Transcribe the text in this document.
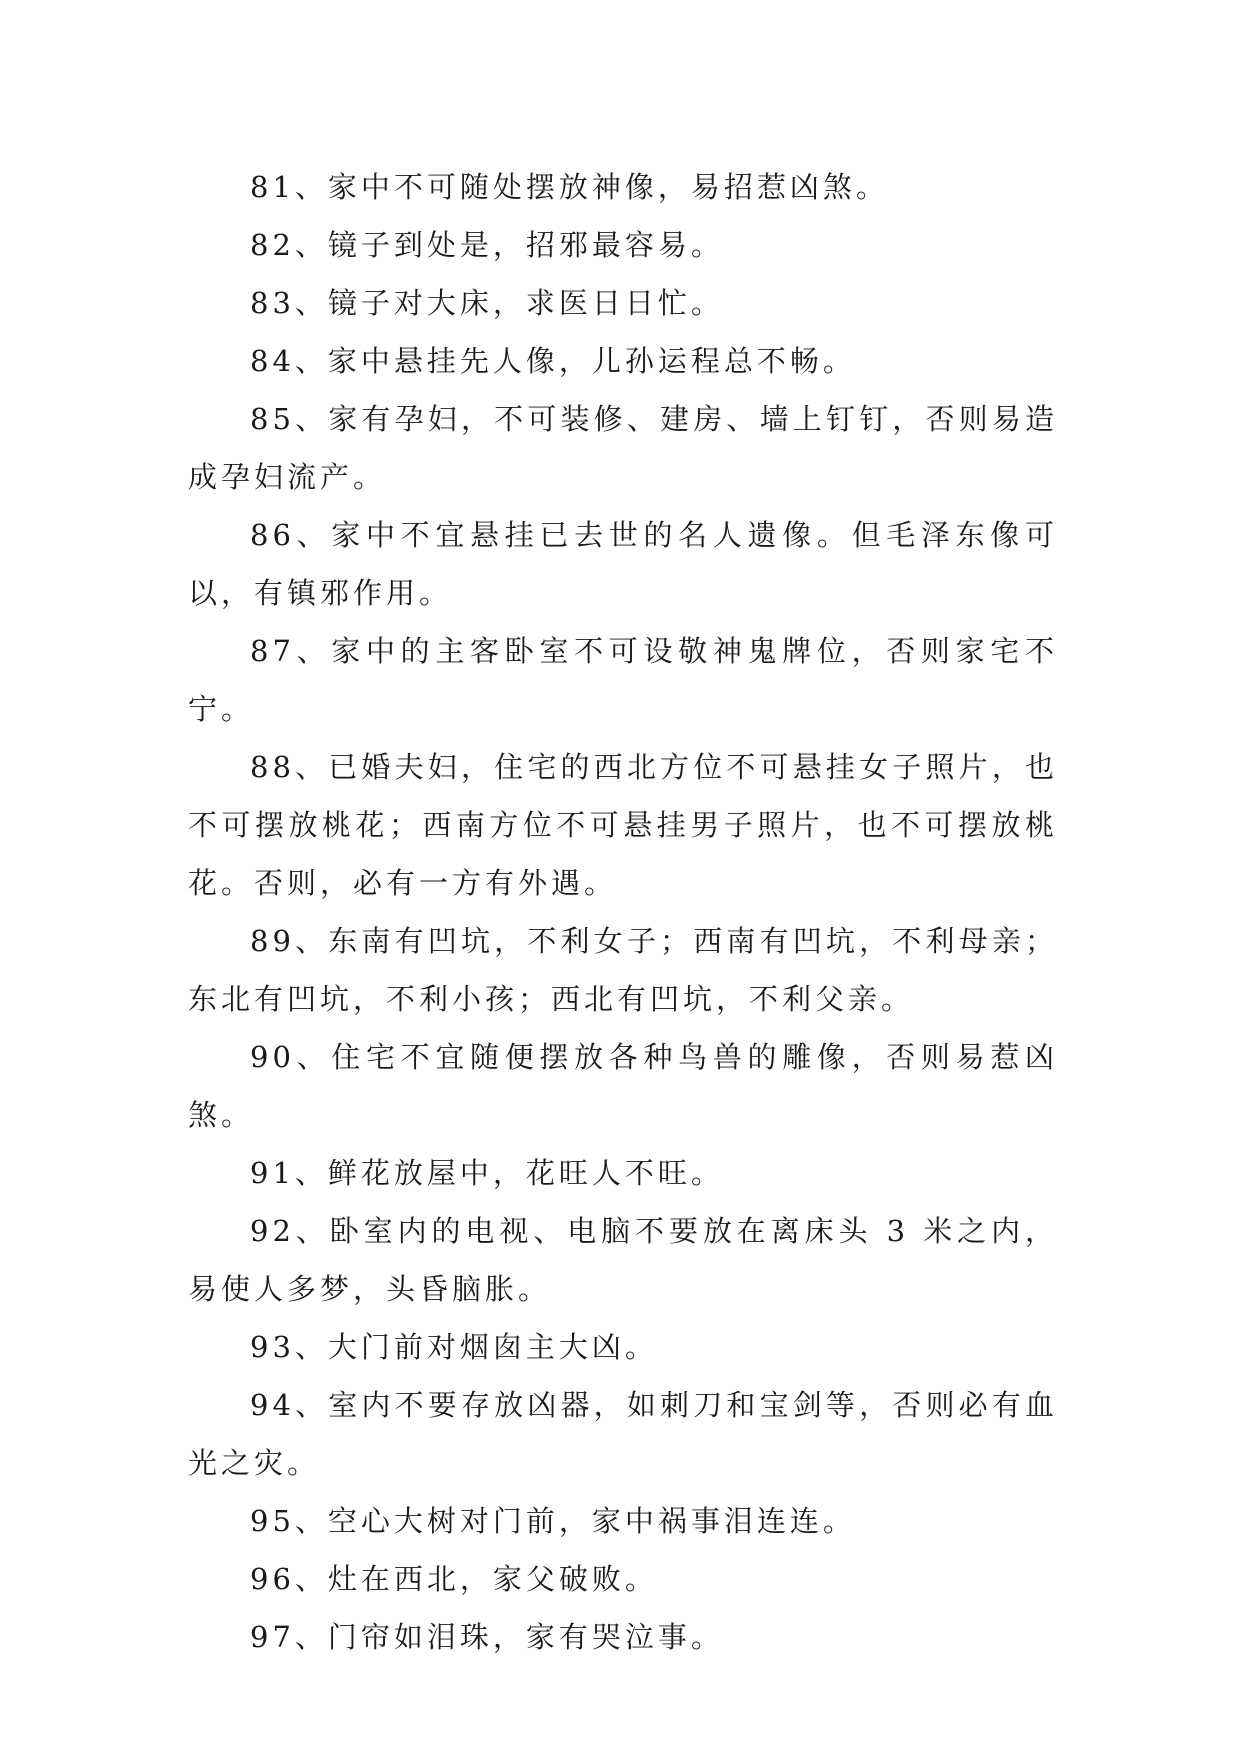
81、家中不可随处摆放神像，易招惹凶煞。

82、镜子到处是，招邪最容易。

83、镜子对大床，求医日日忙。

84、家中悬挂先人像，儿孙运程总不畅。

85、家有孕妇，不可装修、建房、墙上钉钉，否则易造成孕妇流产。

86、家中不宜悬挂已去世的名人遗像。但毛泽东像可以，有镇邪作用。

87、家中的主客卧室不可设敬神鬼牌位，否则家宅不宁。

88、已婚夫妇，住宅的西北方位不可悬挂女子照片，也不可摆放桃花；西南方位不可悬挂男子照片，也不可摆放桃花。否则，必有一方有外遇。

89、东南有凹坑，不利女子；西南有凹坑，不利母亲；东北有凹坑，不利小孩；西北有凹坑，不利父亲。

90、住宅不宜随便摆放各种鸟兽的雕像，否则易惹凶煞。

91、鲜花放屋中，花旺人不旺。

92、卧室内的电视、电脑不要放在离床头 3 米之内，易使人多梦，头昏脑胀。

93、大门前对烟囱主大凶。

94、室内不要存放凶器，如刺刀和宝剑等，否则必有血光之灾。

95、空心大树对门前，家中祸事泪连连。

96、灶在西北，家父破败。

97、门帘如泪珠，家有哭泣事。
